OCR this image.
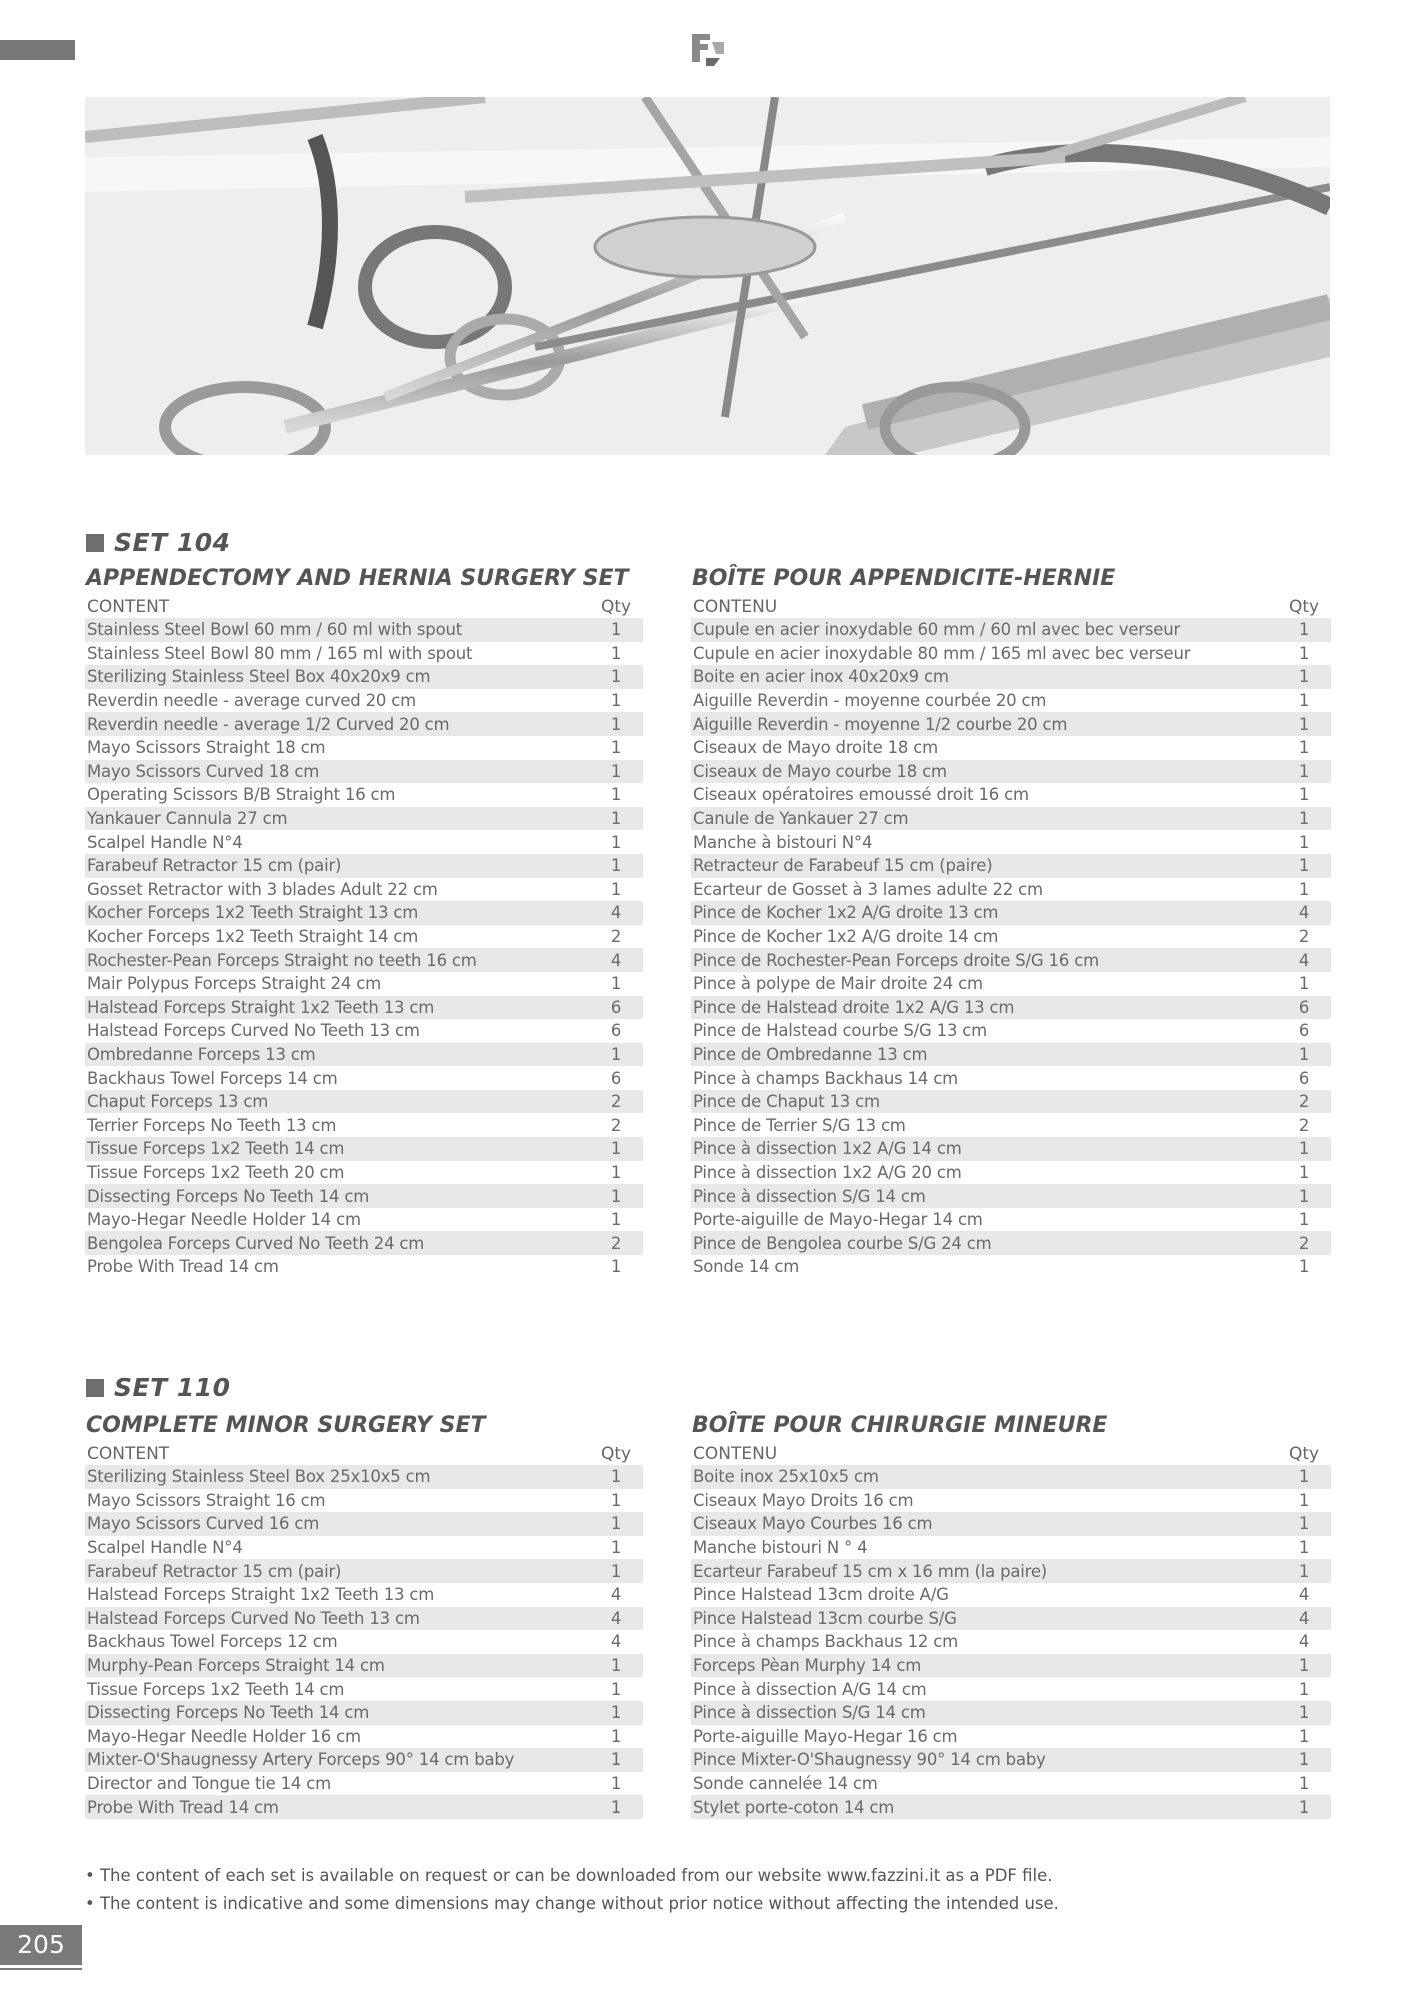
SET 104
APPENDECTOMY AND HERNIA SURGERY SET
CONTENT	Qty
Stainless Steel Bowl 60 mm / 60 ml with spout	1
Stainless Steel Bowl 80 mm / 165 ml with spout	1
Sterilizing Stainless Steel Box 40x20x9 cm	1
Reverdin needle - average curved 20 cm	1
Reverdin needle - average 1/2 Curved 20 cm	1
Mayo Scissors Straight 18 cm	1
Mayo Scissors Curved 18 cm	1
Operating Scissors B/B Straight 16 cm	1
Yankauer Cannula 27 cm	1
Scalpel Handle N°4	1
Farabeuf Retractor 15 cm (pair)	1
Gosset Retractor with 3 blades Adult 22 cm	1
Kocher Forceps 1x2 Teeth Straight 13 cm	4
Kocher Forceps 1x2 Teeth Straight 14 cm	2
Rochester-Pean Forceps Straight no teeth 16 cm	4
Mair Polypus Forceps Straight 24 cm	1
Halstead Forceps Straight 1x2 Teeth 13 cm	6
Halstead Forceps Curved No Teeth 13 cm	6
Ombredanne Forceps 13 cm	1
Backhaus Towel Forceps 14 cm	6
Chaput Forceps 13 cm	2
Terrier Forceps No Teeth 13 cm	2
Tissue Forceps 1x2 Teeth 14 cm	1
Tissue Forceps 1x2 Teeth 20 cm	1
Dissecting Forceps No Teeth 14 cm	1
Mayo-Hegar Needle Holder 14 cm	1
Bengolea Forceps Curved No Teeth 24 cm	2
Probe With Tread 14 cm	1
BOÎTE POUR APPENDICITE-HERNIE
CONTENU	Qty
Cupule en acier inoxydable 60 mm / 60 ml avec bec verseur	1
Cupule en acier inoxydable 80 mm / 165 ml avec bec verseur	1
Boite en acier inox 40x20x9 cm	1
Aiguille Reverdin - moyenne courbée 20 cm	1
Aiguille Reverdin - moyenne 1/2 courbe 20 cm	1
Ciseaux de Mayo droite 18 cm	1
Ciseaux de Mayo courbe 18 cm	1
Ciseaux opératoires emoussé droit 16 cm	1
Canule de Yankauer 27 cm	1
Manche à bistouri N°4	1
Retracteur de Farabeuf 15 cm (paire)	1
Ecarteur de Gosset à 3 lames adulte 22 cm	1
Pince de Kocher 1x2 A/G droite 13 cm	4
Pince de Kocher 1x2 A/G droite 14 cm	2
Pince de Rochester-Pean Forceps droite S/G 16 cm	4
Pince à polype de Mair droite 24 cm	1
Pince de Halstead droite 1x2 A/G 13 cm	6
Pince de Halstead courbe S/G 13 cm	6
Pince de Ombredanne 13 cm	1
Pince à champs Backhaus 14 cm	6
Pince de Chaput 13 cm	2
Pince de Terrier S/G 13 cm	2
Pince à dissection 1x2 A/G 14 cm	1
Pince à dissection 1x2 A/G 20 cm	1
Pince à dissection S/G 14 cm	1
Porte-aiguille de Mayo-Hegar 14 cm	1
Pince de Bengolea courbe S/G 24 cm	2
Sonde 14 cm	1
SET 110
COMPLETE MINOR SURGERY SET
CONTENT	Qty
Sterilizing Stainless Steel Box 25x10x5 cm	1
Mayo Scissors Straight 16 cm	1
Mayo Scissors Curved 16 cm	1
Scalpel Handle N°4	1
Farabeuf Retractor 15 cm (pair)	1
Halstead Forceps Straight 1x2 Teeth 13 cm	4
Halstead Forceps Curved No Teeth 13 cm	4
Backhaus Towel Forceps 12 cm	4
Murphy-Pean Forceps Straight 14 cm	1
Tissue Forceps 1x2 Teeth 14 cm	1
Dissecting Forceps No Teeth 14 cm	1
Mayo-Hegar Needle Holder 16 cm	1
Mixter-O'Shaugnessy Artery Forceps 90° 14 cm baby	1
Director and Tongue tie 14 cm	1
Probe With Tread 14 cm	1
BOÎTE POUR CHIRURGIE MINEURE
CONTENU	Qty
Boite inox 25x10x5 cm	1
Ciseaux Mayo Droits 16 cm	1
Ciseaux Mayo Courbes 16 cm	1
Manche bistouri N ° 4	1
Ecarteur Farabeuf 15 cm x 16 mm (la paire)	1
Pince Halstead 13cm droite A/G	4
Pince Halstead 13cm courbe S/G	4
Pince à champs Backhaus 12 cm	4
Forceps Pèan Murphy 14 cm	1
Pince à dissection A/G 14 cm	1
Pince à dissection S/G 14 cm	1
Porte-aiguille Mayo-Hegar 16 cm	1
Pince Mixter-O'Shaugnessy 90° 14 cm baby	1
Sonde cannelée 14 cm	1
Stylet porte-coton 14 cm	1
• The content of each set is available on request or can be downloaded from our website www.fazzini.it as a PDF file.
• The content is indicative and some dimensions may change without prior notice without affecting the intended use.
205
